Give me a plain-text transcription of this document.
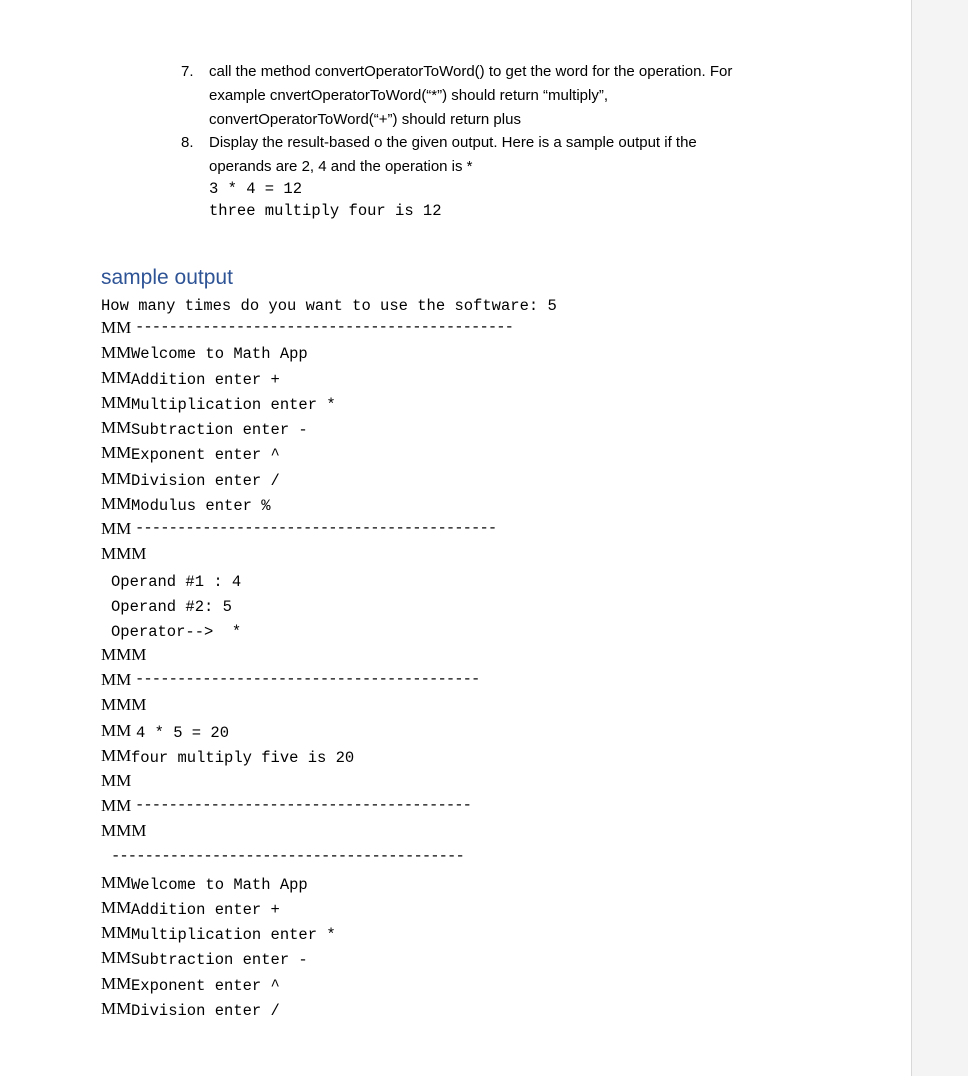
7. call the method convertOperatorToWord() to get the word for the operation. For
example cnvertOperatorToWord(“*”) should return “multiply”,
convertOperatorToWord(“+”) should return plus
8. Display the result-based o the given output. Here is a sample output if the
operands are 2, 4 and the operation is *
3 * 4 = 12
three multiply four is 12
sample output
How many times do you want to use the software: 5
MM ---------------------------------------------
MM Welcome to Math App
MM Addition enter +
MM Multiplication enter *
MM Subtraction enter -
MM Exponent enter ^
MM Division enter /
MM Modulus enter %
MM -------------------------------------------
MMM
Operand #1 : 4
Operand #2: 5
Operator-->  *
MMM
MM -----------------------------------------
MMM
MM 4 * 5 = 20
MM four multiply five is 20
MM
MM ----------------------------------------
MMM
------------------------------------------
MM Welcome to Math App
MM Addition enter +
MM Multiplication enter *
MM Subtraction enter -
MM Exponent enter ^
MM Division enter /
